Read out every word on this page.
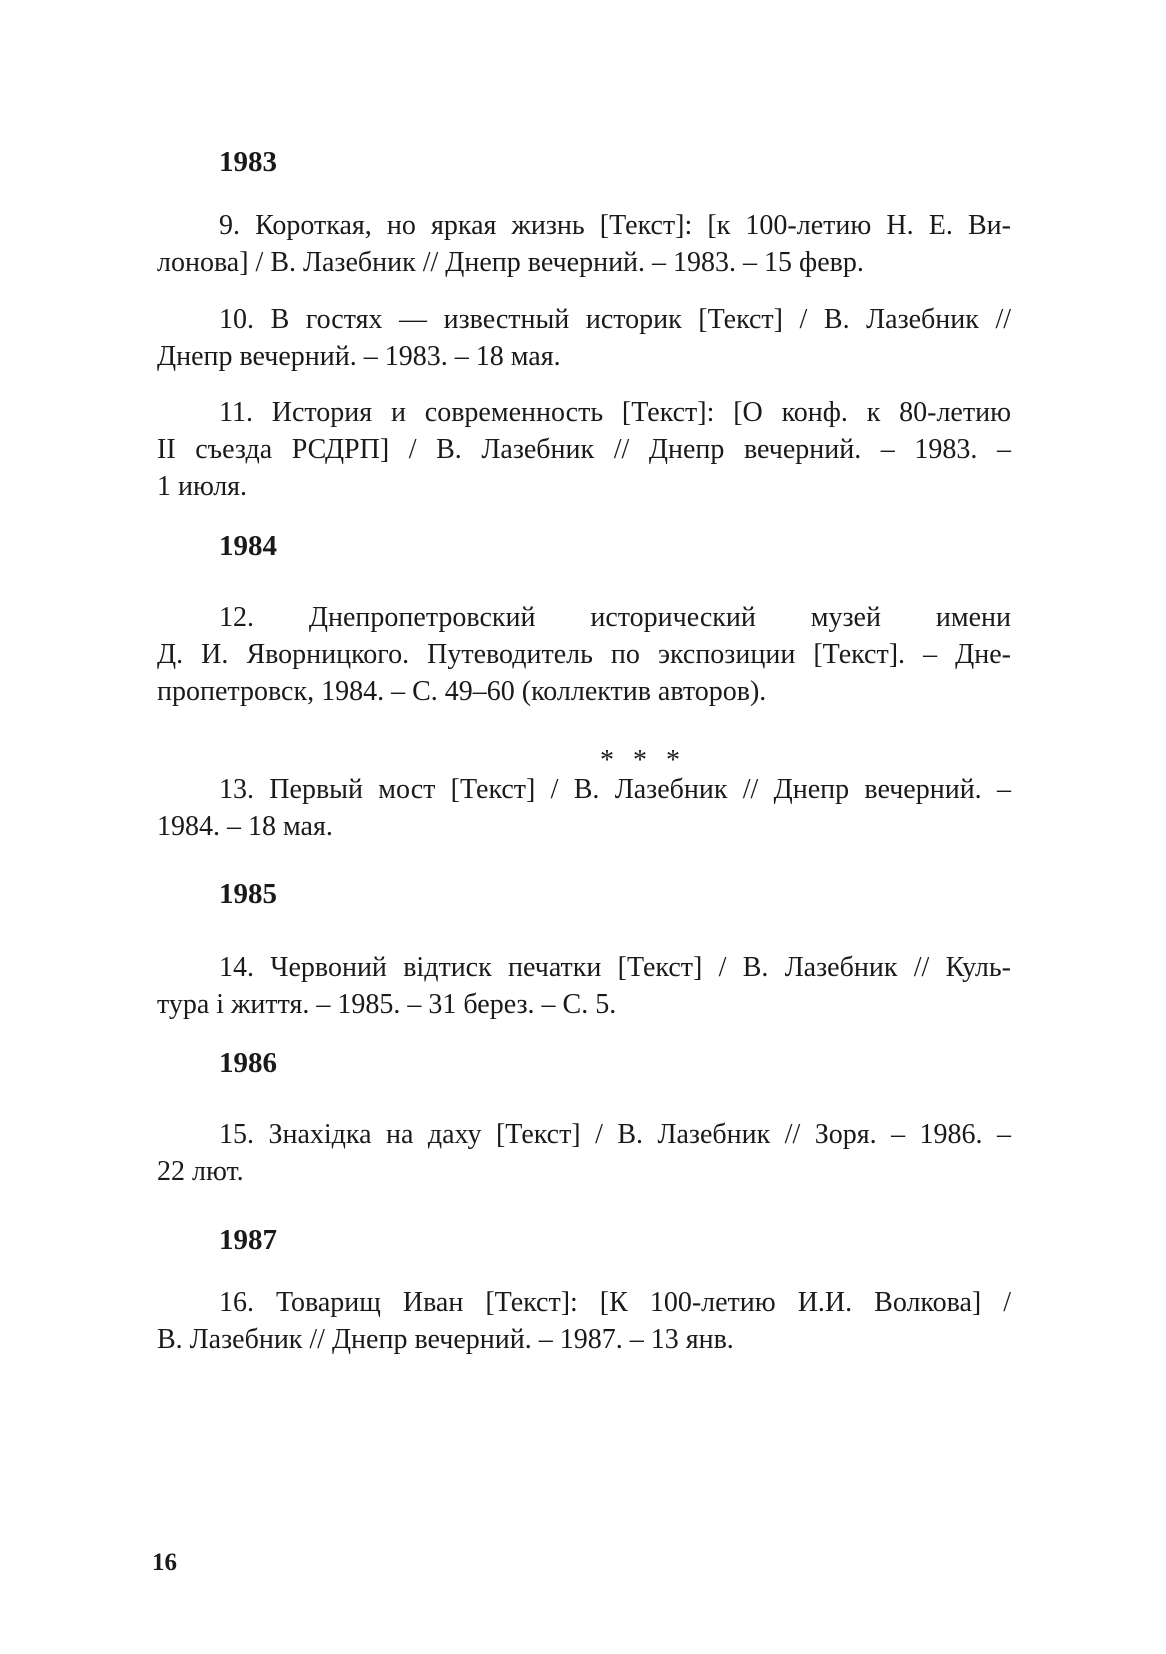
1983

9. Короткая, но яркая жизнь [Текст]: [к 100-летию Н. Е. Ви-
лонова] / В. Лазебник // Днепр вечерний. – 1983. – 15 февр.

10. В гостях — известный историк [Текст] / В. Лазебник //
Днепр вечерний. – 1983. – 18 мая.

11. История и современность [Текст]: [О конф. к 80-летию
II съезда РСДРП] / В. Лазебник // Днепр вечерний. – 1983. –
1 июля.

1984

12. Днепропетровский исторический музей имени
Д. И. Яворницкого. Путеводитель по экспозиции [Текст]. – Дне-
пропетровск, 1984. – С. 49–60 (коллектив авторов).

* * *

13. Первый мост [Текст] / В. Лазебник // Днепр вечерний. –
1984. – 18 мая.

1985

14. Червоний відтиск печатки [Текст] / В. Лазебник // Куль-
тура і життя. – 1985. – 31 берез. – С. 5.

1986

15. Знахідка на даху [Текст] / В. Лазебник // Зоря. – 1986. –
22 лют.

1987

16. Товарищ Иван [Текст]: [К 100-летию И.И. Волкова] /
В. Лазебник // Днепр вечерний. – 1987. – 13 янв.

16
